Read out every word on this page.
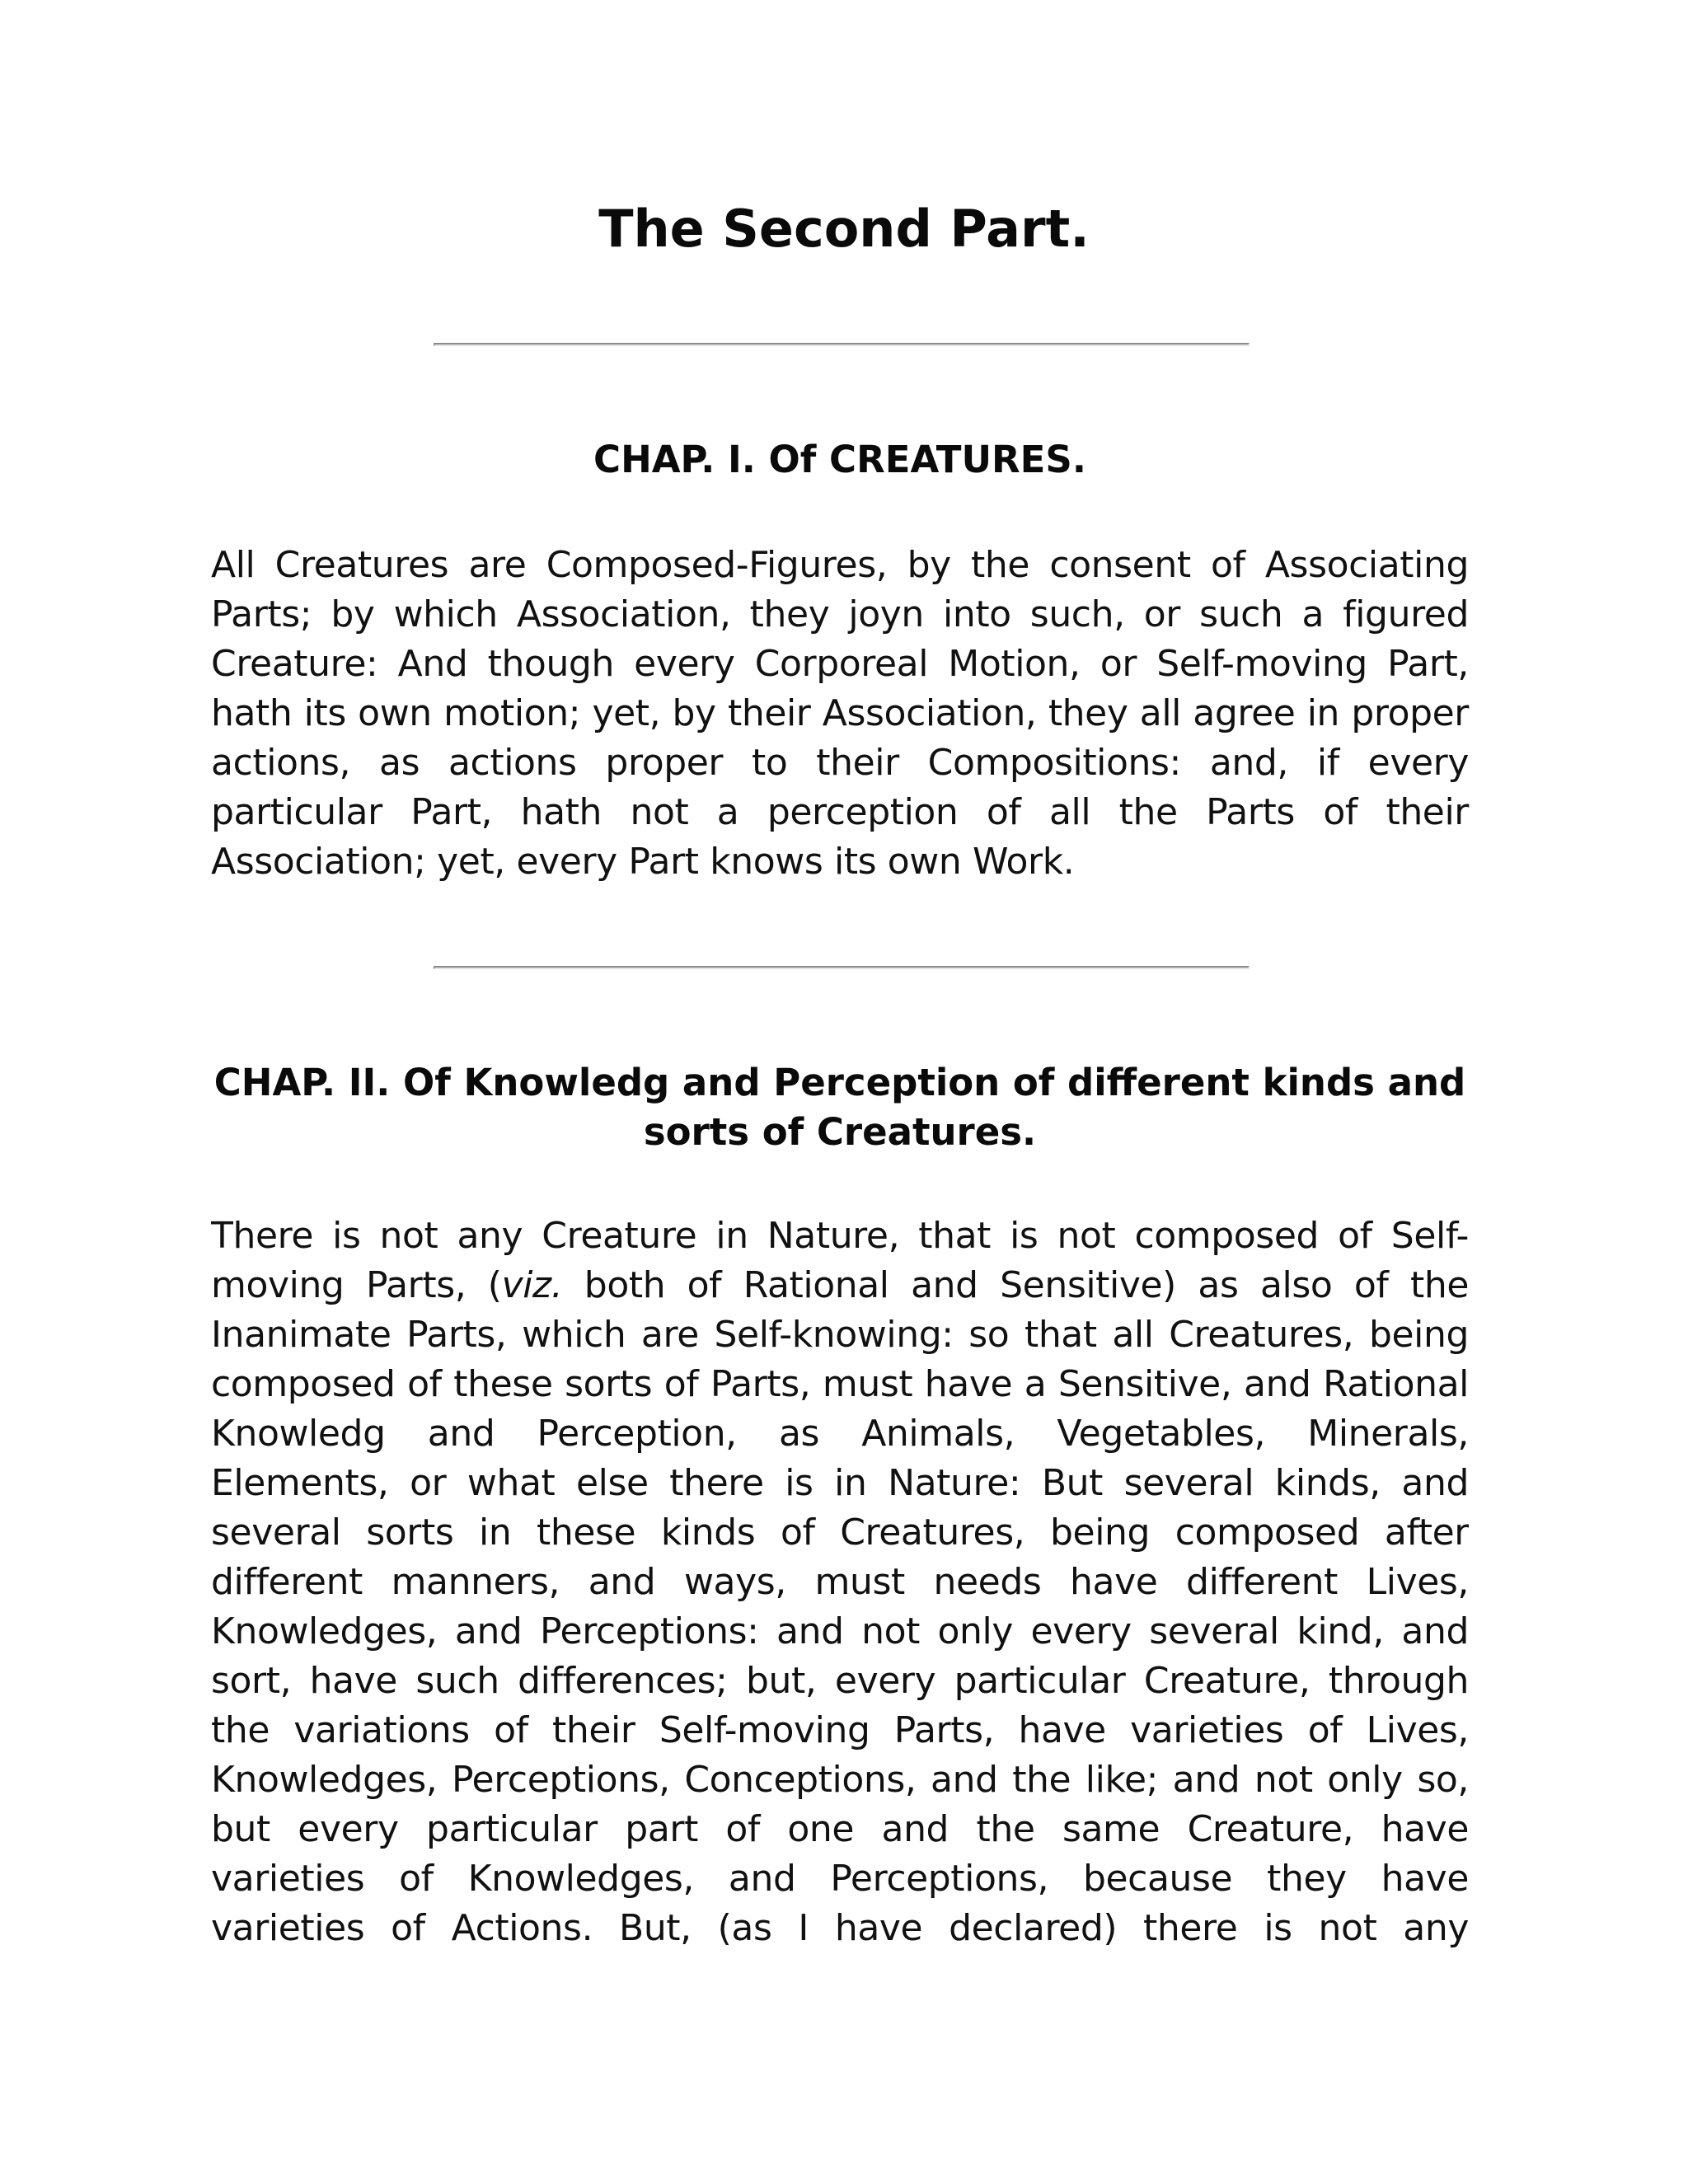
The Second Part.
CHAP. I. Of CREATURES.

All Creatures are Composed-Figures, by the consent of Associating Parts; by which Association, they joyn into such, or such a figured Creature: And though every Corporeal Motion, or Self-moving Part, hath its own motion; yet, by their Association, they all agree in proper actions, as actions proper to their Compositions: and, if every particular Part, hath not a perception of all the Parts of their Association; yet, every Part knows its own Work.

CHAP. II. Of Knowledg and Perception of different kinds and sorts of Creatures.

There is not any Creature in Nature, that is not composed of Self-moving Parts, (viz. both of Rational and Sensitive) as also of the Inanimate Parts, which are Self-knowing: so that all Creatures, being composed of these sorts of Parts, must have a Sensitive, and Rational Knowledg and Perception, as Animals, Vegetables, Minerals, Elements, or what else there is in Nature: But several kinds, and several sorts in these kinds of Creatures, being composed after different manners, and ways, must needs have different Lives, Knowledges, and Perceptions: and not only every several kind, and sort, have such differences; but, every particular Creature, through the variations of their Self-moving Parts, have varieties of Lives, Knowledges, Perceptions, Conceptions, and the like; and not only so, but every particular part of one and the same Creature, have varieties of Knowledges, and Perceptions, because they have varieties of Actions. But, (as I have declared) there is not any
